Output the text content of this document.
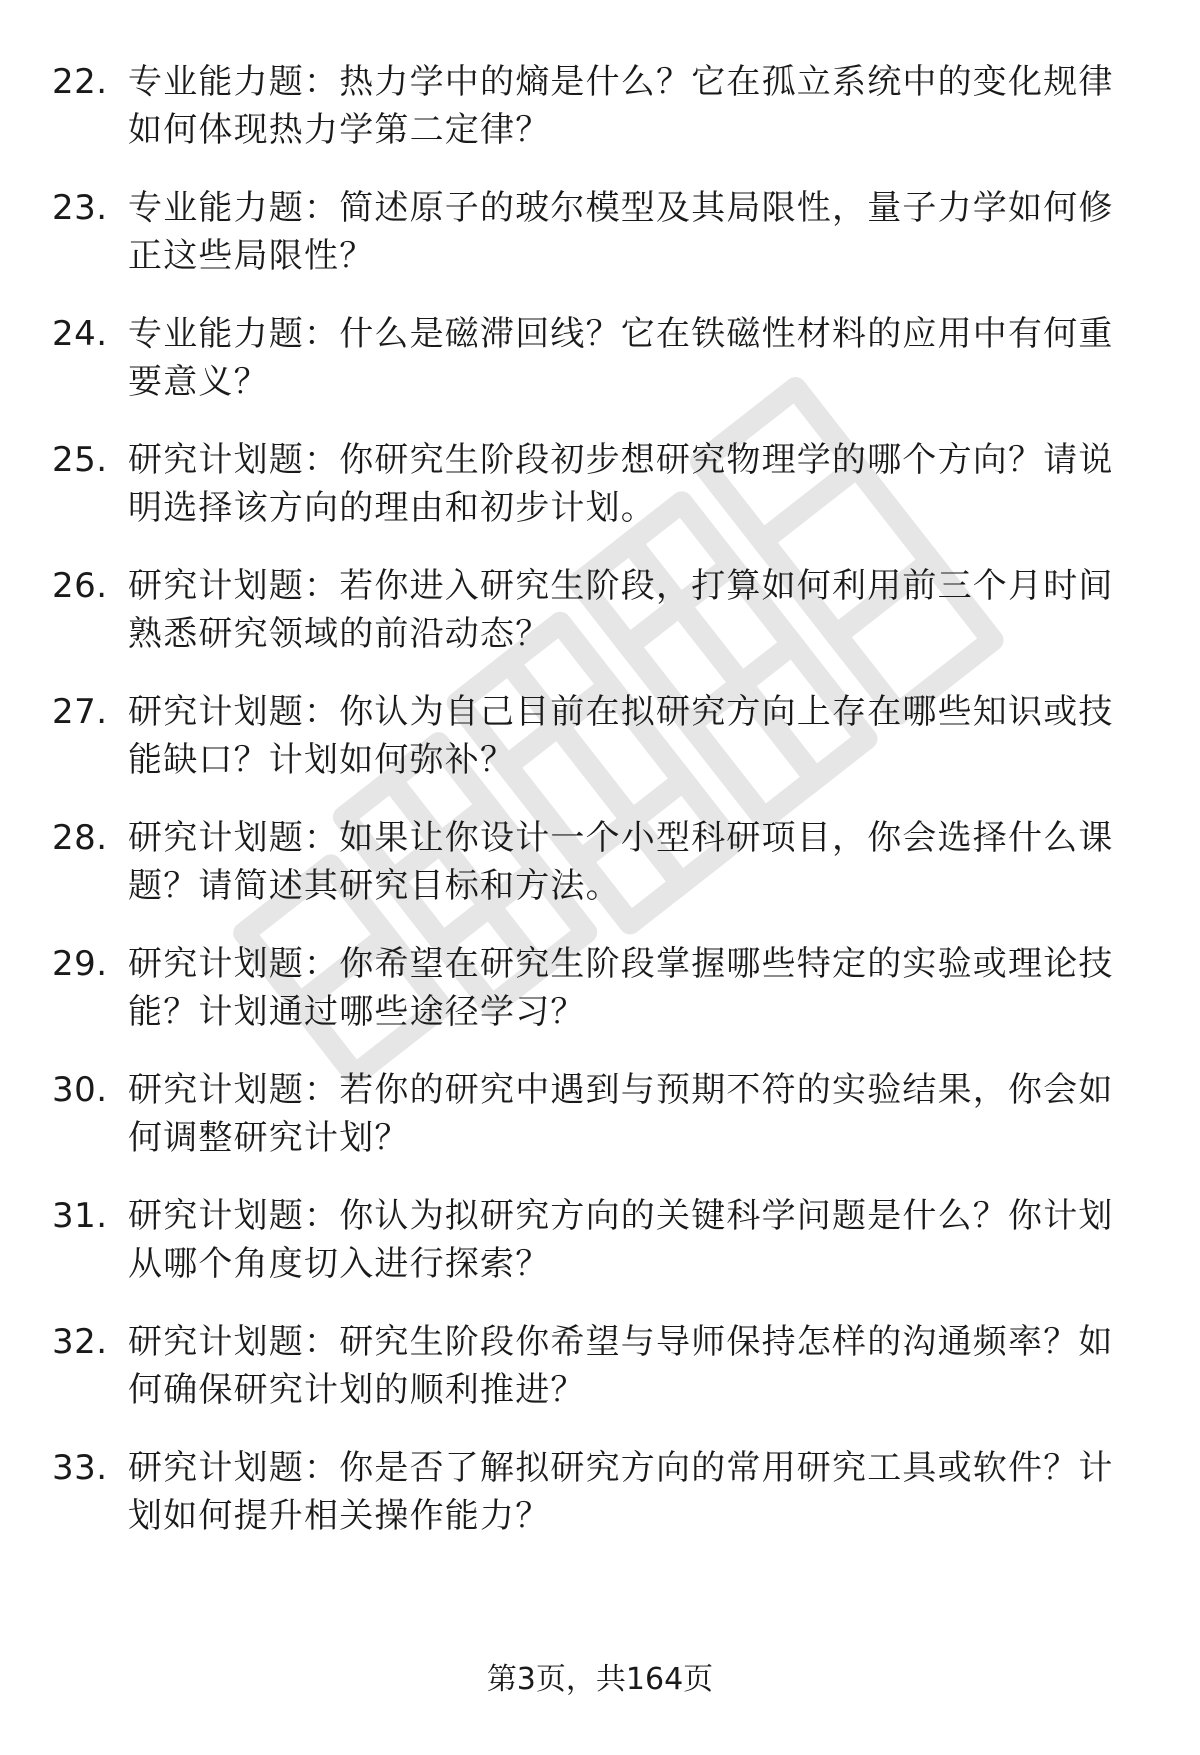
22. 专业能力题：热力学中的熵是什么？它在孤立系统中的变化规律如何体现热力学第二定律？
23. 专业能力题：简述原子的玻尔模型及其局限性，量子力学如何修正这些局限性？
24. 专业能力题：什么是磁滞回线？它在铁磁性材料的应用中有何重要意义？
25. 研究计划题：你研究生阶段初步想研究物理学的哪个方向？请说明选择该方向的理由和初步计划。
26. 研究计划题：若你进入研究生阶段，打算如何利用前三个月时间熟悉研究领域的前沿动态？
27. 研究计划题：你认为自己目前在拟研究方向上存在哪些知识或技能缺口？计划如何弥补？
28. 研究计划题：如果让你设计一个小型科研项目，你会选择什么课题？请简述其研究目标和方法。
29. 研究计划题：你希望在研究生阶段掌握哪些特定的实验或理论技能？计划通过哪些途径学习？
30. 研究计划题：若你的研究中遇到与预期不符的实验结果，你会如何调整研究计划？
31. 研究计划题：你认为拟研究方向的关键科学问题是什么？你计划从哪个角度切入进行探索？
32. 研究计划题：研究生阶段你希望与导师保持怎样的沟通频率？如何确保研究计划的顺利推进？
33. 研究计划题：你是否了解拟研究方向的常用研究工具或软件？计划如何提升相关操作能力？
第3页，共164页
